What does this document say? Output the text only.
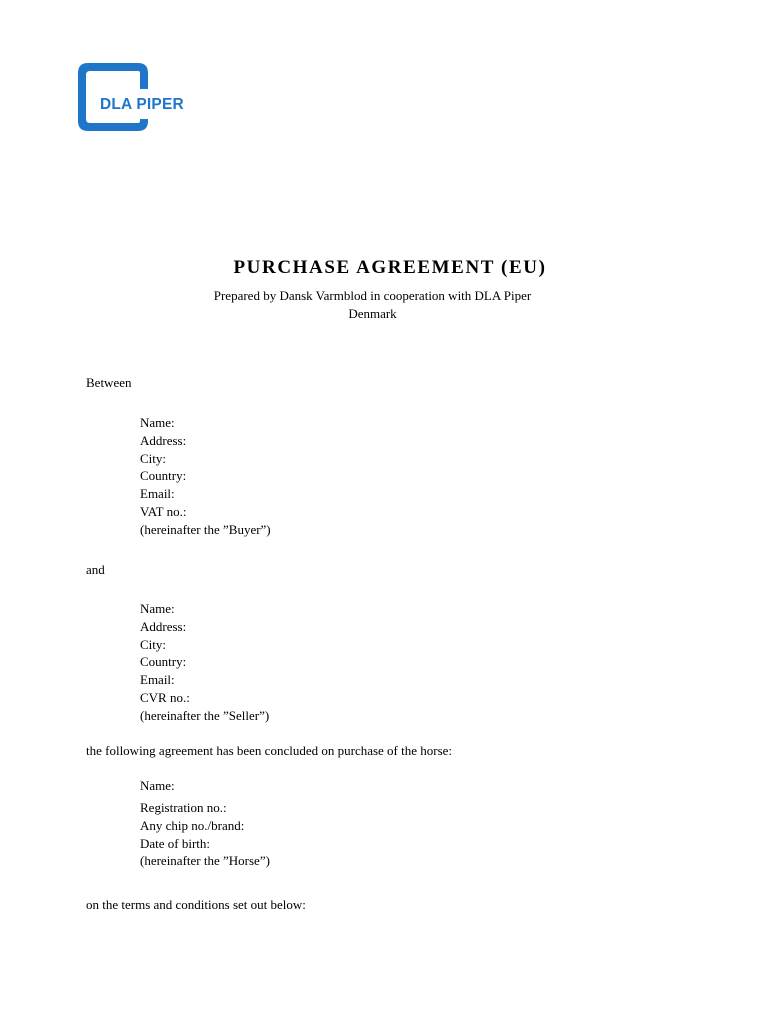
DLA PIPER
PURCHASE AGREEMENT (EU)
Prepared by Dansk Varmblod in cooperation with DLA Piper
Denmark
Between
Name:
Address:
City:
Country:
Email:
VAT no.:
(hereinafter the ”Buyer”)
and
Name:
Address:
City:
Country:
Email:
CVR no.:
(hereinafter the ”Seller”)
the following agreement has been concluded on purchase of the horse:
Name:
Registration no.:
Any chip no./brand:
Date of birth:
(hereinafter the ”Horse”)
on the terms and conditions set out below:
